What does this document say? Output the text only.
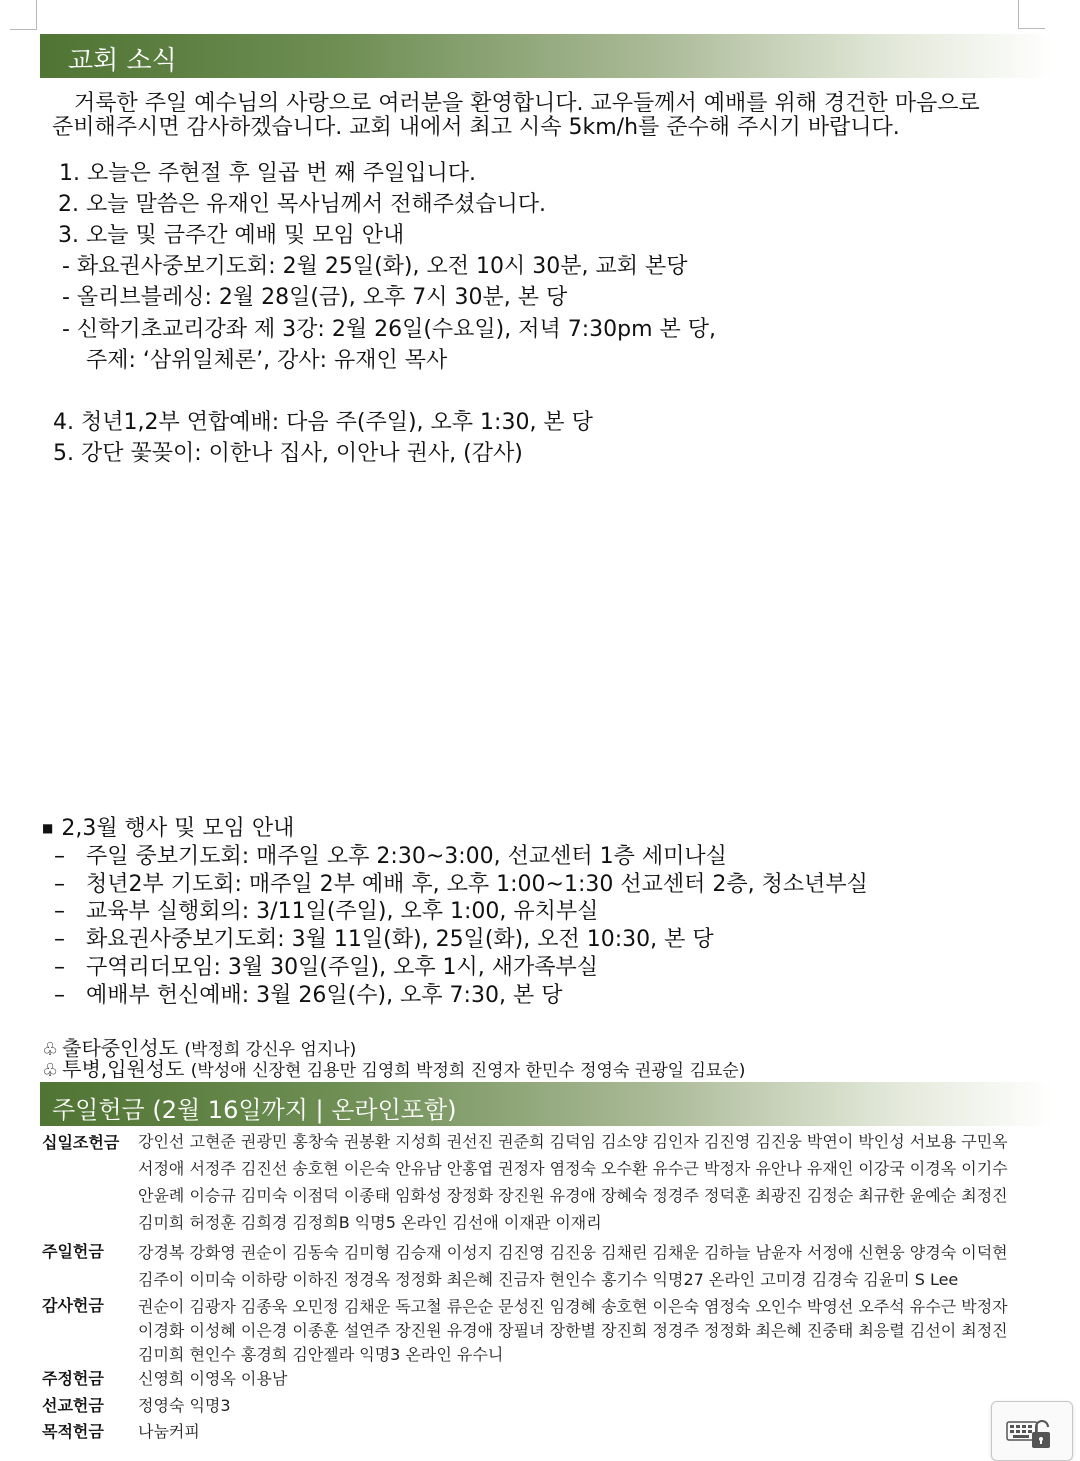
교회 소식
거룩한 주일 예수님의 사랑으로 여러분을 환영합니다. 교우들께서 예배를 위해 경건한 마음으로
준비해주시면 감사하겠습니다. 교회 내에서 최고 시속 5km/h를 준수해 주시기 바랍니다.
1. 오늘은 주현절 후 일곱 번 째 주일입니다.
2. 오늘 말씀은 유재인 목사님께서 전해주셨습니다.
3. 오늘 및 금주간 예배 및 모임 안내
- 화요권사중보기도회: 2월 25일(화), 오전 10시 30분, 교회 본당
- 올리브블레싱: 2월 28일(금), 오후 7시 30분, 본 당
- 신학기초교리강좌 제 3강: 2월 26일(수요일), 저녁 7:30pm 본 당,
주제: ‘삼위일체론’, 강사: 유재인 목사
4. 청년1,2부 연합예배: 다음 주(주일), 오후 1:30, 본 당
5. 강단 꽃꽂이: 이한나 집사, 이안나 권사, (감사)
■ 2,3월 행사 및 모임 안내
– 주일 중보기도회: 매주일 오후 2:30~3:00, 선교센터 1층 세미나실
– 청년2부 기도회: 매주일 2부 예배 후, 오후 1:00~1:30 선교센터 2층, 청소년부실
– 교육부 실행회의: 3/11일(주일), 오후 1:00, 유치부실
– 화요권사중보기도회: 3월 11일(화), 25일(화), 오전 10:30, 본 당
– 구역리더모임: 3월 30일(주일), 오후 1시, 새가족부실
– 예배부 헌신예배: 3월 26일(수), 오후 7:30, 본 당
♧ 출타중인성도 (박정희 강신우 엄지나)
♧ 투병,입원성도 (박성애 신장현 김용만 김영희 박정희 진영자 한민수 정영숙 권광일 김묘순)
주일헌금 (2월 16일까지 | 온라인포함)
십일조헌금 강인선 고현준 권광민 홍창숙 권봉환 지성희 권선진 권준희 김덕임 김소양 김인자 김진영 김진웅 박연이 박인성 서보용 구민옥
서정애 서정주 김진선 송호현 이은숙 안유남 안홍엽 권정자 염정숙 오수환 유수근 박정자 유안나 유재인 이강국 이경옥 이기수
안윤례 이승규 김미숙 이점덕 이종태 임화성 장정화 장진원 유경애 장혜숙 정경주 정덕훈 최광진 김정순 최규한 윤예순 최정진
김미희 허정훈 김희경 김정희B 익명5 온라인 김선애 이재관 이재리
주일헌금 강경복 강화영 권순이 김동숙 김미형 김승재 이성지 김진영 김진웅 김채린 김채운 김하늘 남윤자 서정애 신현웅 양경숙 이덕현
김주이 이미숙 이하랑 이하진 정경옥 정정화 최은혜 진금자 현인수 홍기수 익명27 온라인 고미경 김경숙 김윤미 S Lee
감사헌금 권순이 김광자 김종욱 오민정 김채운 독고철 류은순 문성진 임경혜 송호현 이은숙 염정숙 오인수 박영선 오주석 유수근 박정자
이경화 이성혜 이은경 이종훈 설연주 장진원 유경애 장필녀 장한별 장진희 정경주 정정화 최은혜 진중태 최응렬 김선이 최정진
김미희 현인수 홍경희 김안젤라 익명3 온라인 유수니
주정헌금 신영희 이영옥 이용남
선교헌금 정영숙 익명3
목적헌금 나눔커피
